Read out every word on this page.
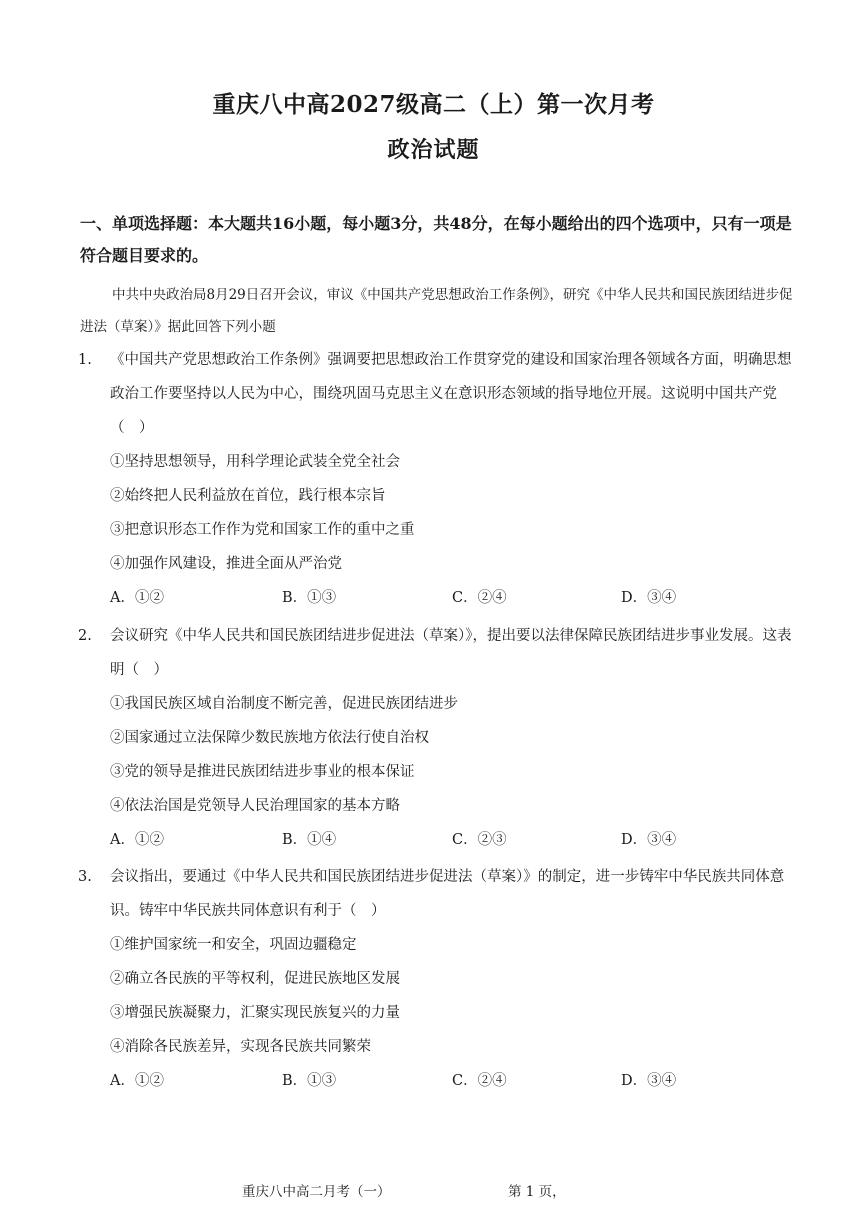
重庆八中高2027级高二（上）第一次月考
政治试题
一、单项选择题：本大题共16小题，每小题3分，共48分，在每小题给出的四个选项中，只有一项是符合题目要求的。
中共中央政治局8月29日召开会议，审议《中国共产党思想政治工作条例》，研究《中华人民共和国民族团结进步促进法（草案）》据此回答下列小题
1. 《中国共产党思想政治工作条例》强调要把思想政治工作贯穿党的建设和国家治理各领域各方面，明确思想政治工作要坚持以人民为中心，围绕巩固马克思主义在意识形态领域的指导地位开展。这说明中国共产党（　）
①坚持思想领导，用科学理论武装全党全社会
②始终把人民利益放在首位，践行根本宗旨
③把意识形态工作作为党和国家工作的重中之重
④加强作风建设，推进全面从严治党
A．①②	B．①③	C．②④	D．③④
2. 会议研究《中华人民共和国民族团结进步促进法（草案）》，提出要以法律保障民族团结进步事业发展。这表明（　）
①我国民族区域自治制度不断完善，促进民族团结进步
②国家通过立法保障少数民族地方依法行使自治权
③党的领导是推进民族团结进步事业的根本保证
④依法治国是党领导人民治理国家的基本方略
A．①②	B．①④	C．②③	D．③④
3. 会议指出，要通过《中华人民共和国民族团结进步促进法（草案）》的制定，进一步铸牢中华民族共同体意识。铸牢中华民族共同体意识有利于（　）
①维护国家统一和安全，巩固边疆稳定
②确立各民族的平等权利，促进民族地区发展
③增强民族凝聚力，汇聚实现民族复兴的力量
④消除各民族差异，实现各民族共同繁荣
A．①②	B．①③	C．②④	D．③④
重庆八中高二月考（一）	第 1 页，
